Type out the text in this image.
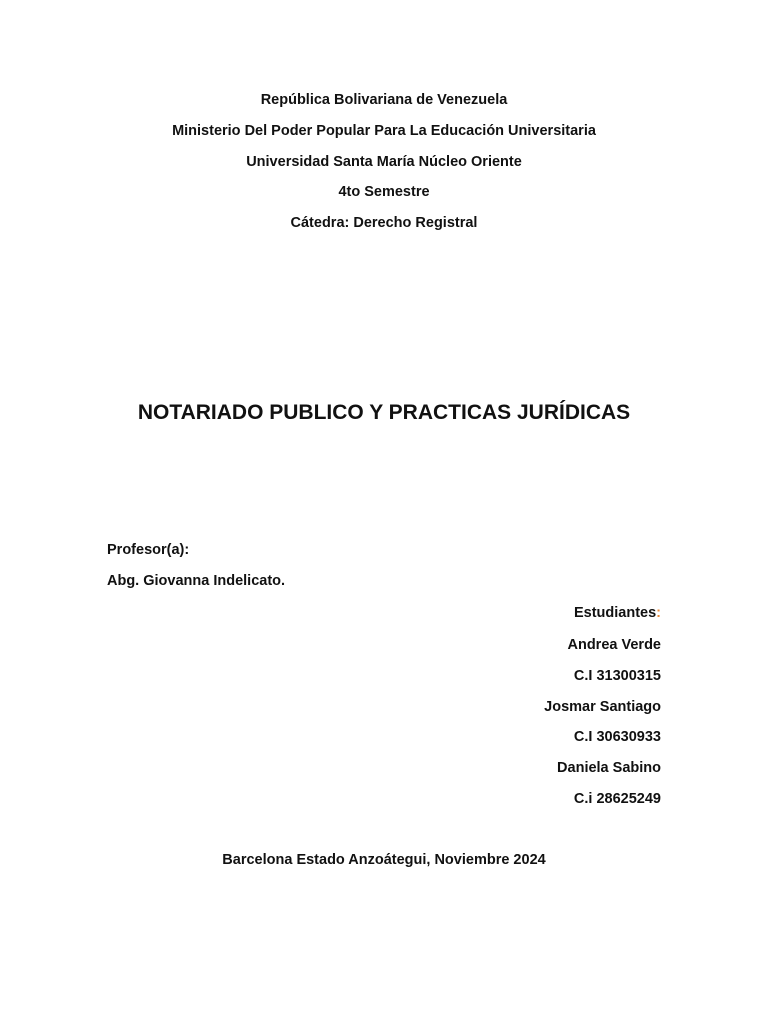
República Bolivariana de Venezuela
Ministerio Del Poder Popular Para La Educación Universitaria
Universidad Santa María Núcleo Oriente
4to Semestre
Cátedra: Derecho Registral
NOTARIADO PUBLICO Y PRACTICAS JURÍDICAS
Profesor(a):
Abg. Giovanna Indelicato.
Estudiantes:
Andrea Verde
C.I 31300315
Josmar Santiago
C.I 30630933
Daniela Sabino
C.i 28625249
Barcelona Estado Anzoátegui, Noviembre 2024
